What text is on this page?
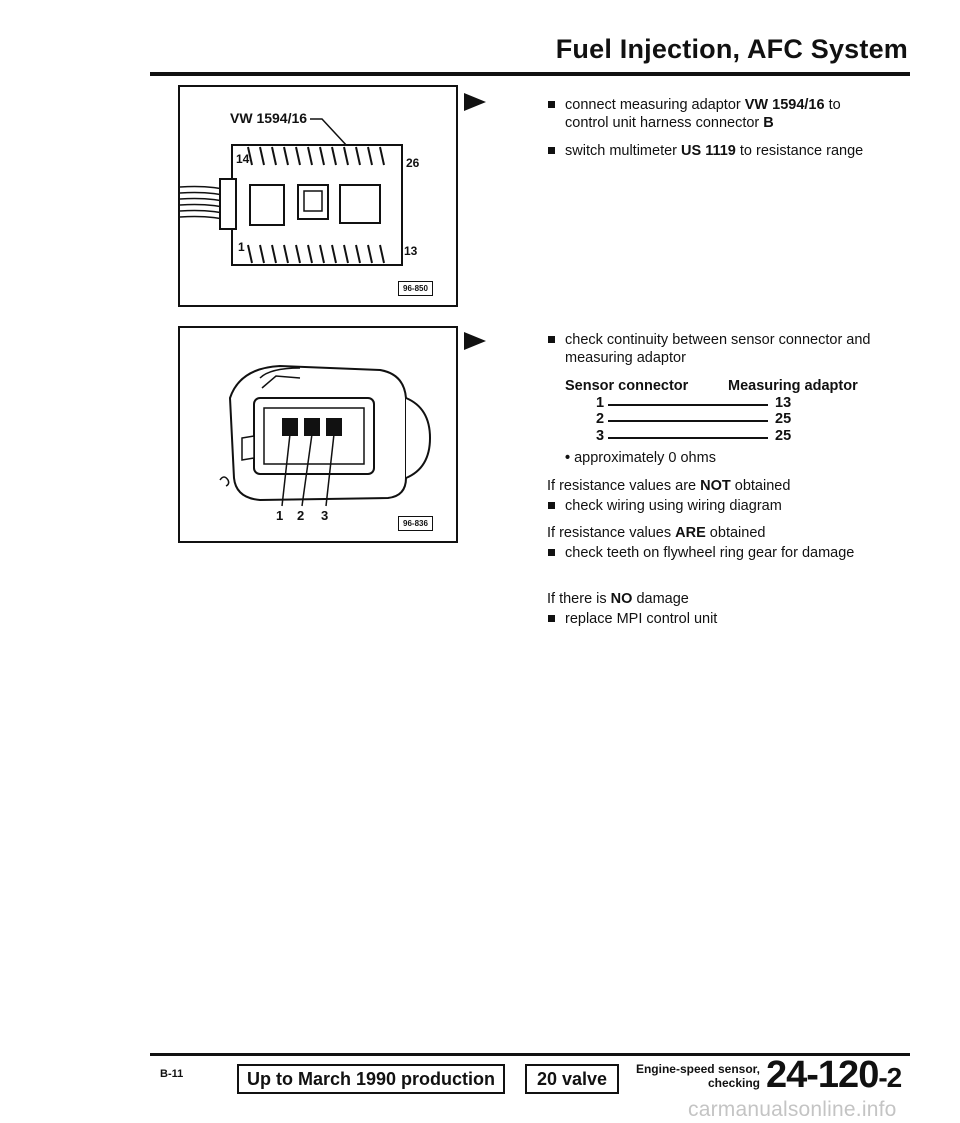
Fuel Injection, AFC System
VW 1594/16
14	26
1	13
96-850
connect measuring adaptor VW 1594/16 to control unit harness connector B
switch multimeter US 1119 to resistance range
1 2 3
96-836
check continuity between sensor connector and measuring adaptor
Sensor connector	Measuring adaptor
1	13
2	25
3	25
• approximately 0 ohms
If resistance values are NOT obtained
check wiring using wiring diagram
If resistance values ARE obtained
check teeth on flywheel ring gear for damage
If there is NO damage
replace MPI control unit
B-11	Up to March 1990 production	20 valve	Engine-speed sensor,
checking 24-120-2
carmanualsonline.info
